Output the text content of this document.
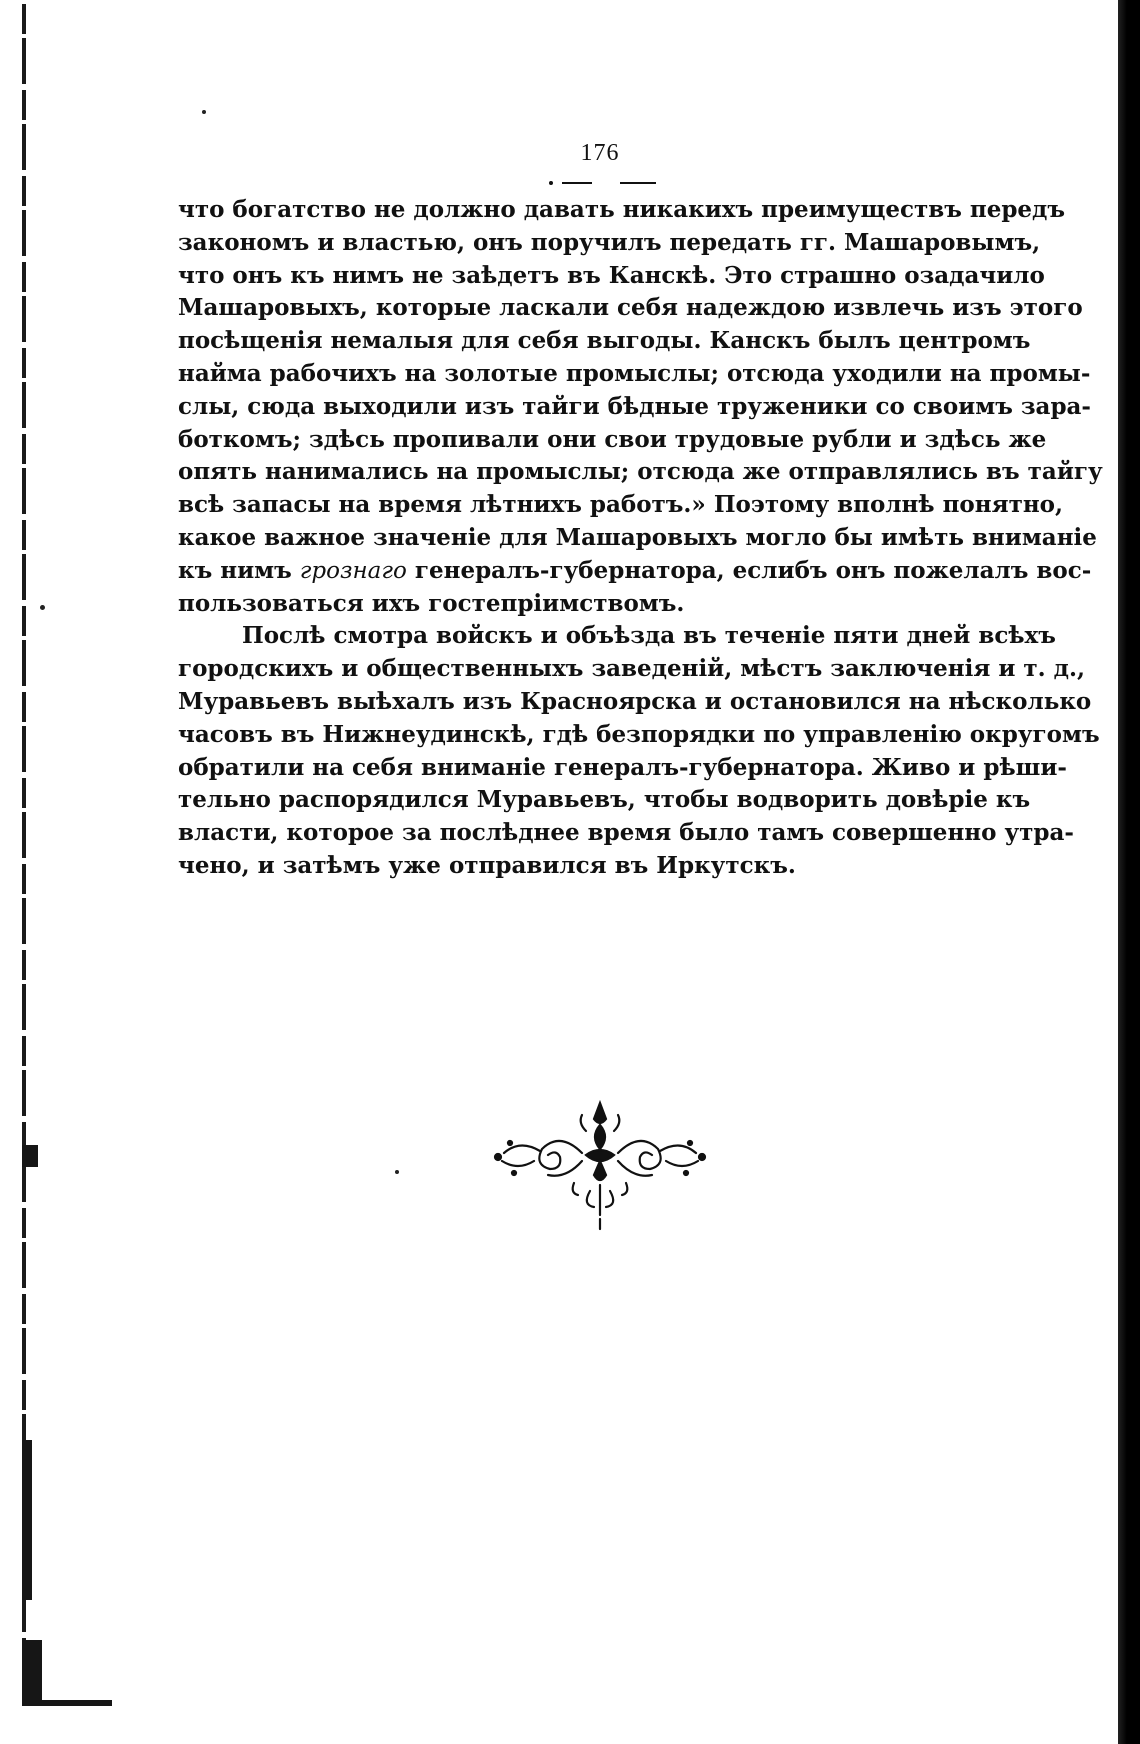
176
что богатство не должно давать никакихъ преимуществъ передъ
закономъ и властью, онъ поручилъ передать гг. Машаровымъ,
что онъ къ нимъ не заѣдетъ въ Канскѣ. Это страшно озадачило
Машаровыхъ, которые ласкали себя надеждою извлечь изъ этого
посѣщенія немалыя для себя выгоды. Канскъ былъ центромъ
найма рабочихъ на золотые промыслы; отсюда уходили на промы-
слы, сюда выходили изъ тайги бѣдные труженики со своимъ зара-
боткомъ; здѣсь пропивали они свои трудовые рубли и здѣсь же
опять нанимались на промыслы; отсюда же отправлялись въ тайгу
всѣ запасы на время лѣтнихъ работъ.» Поэтому вполнѣ понятно,
какое важное значеніе для Машаровыхъ могло бы имѣть вниманіе
къ нимъ грознаго генералъ-губернатора, еслибъ онъ пожелалъ вос-
пользоваться ихъ гостепріимствомъ.
Послѣ смотра войскъ и объѣзда въ теченіе пяти дней всѣхъ
городскихъ и общественныхъ заведеній, мѣстъ заключенія и т. д.,
Муравьевъ выѣхалъ изъ Красноярска и остановился на нѣсколько
часовъ въ Нижнеудинскѣ, гдѣ безпорядки по управленію округомъ
обратили на себя вниманіе генералъ-губернатора. Живо и рѣши-
тельно распорядился Муравьевъ, чтобы водворить довѣріе къ
власти, которое за послѣднее время было тамъ совершенно утра-
чено, и затѣмъ уже отправился въ Иркутскъ.
